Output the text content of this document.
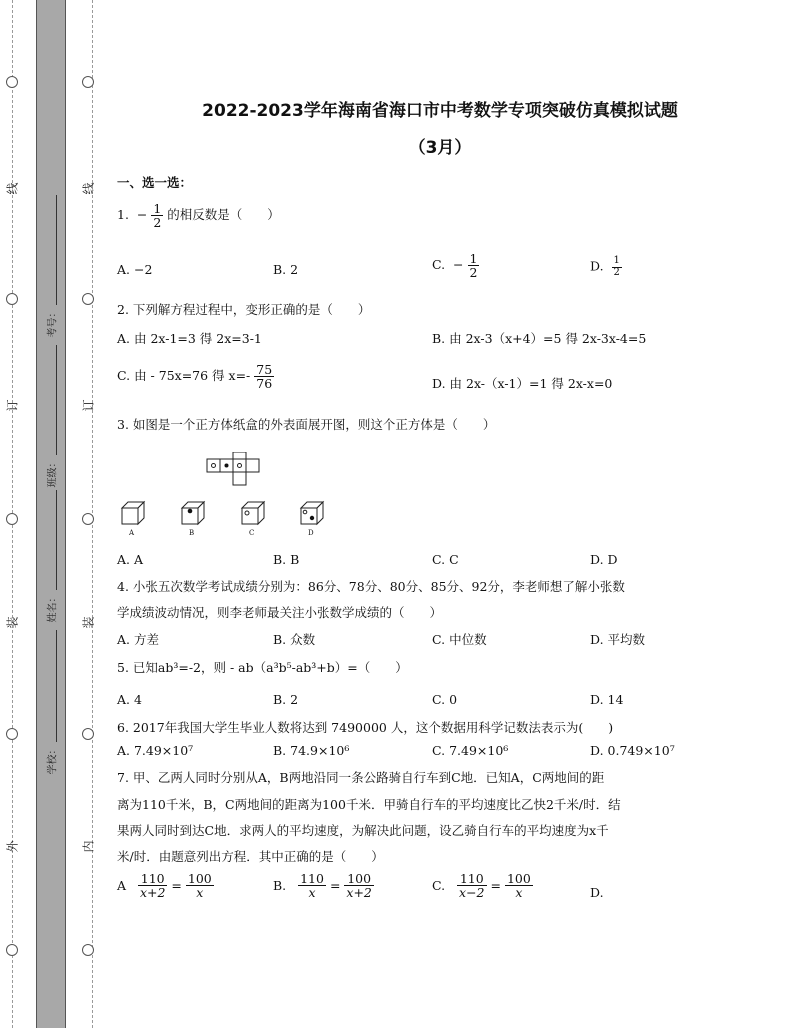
线
订
装
外
线
订
装
内
考号：
班级：
姓名：
学校：
2022-2023学年海南省海口市中考数学专项突破仿真模拟试题
（3月）
一、选一选：
1. − $\frac{1}{2}$ 的相反数是（　　）
A. −2	B. 2	C. − $\frac{1}{2}$	D. $\frac{1}{2}$
2. 下列解方程过程中，变形正确的是（　　）
A. 由 2x-1=3 得 2x=3-1	B. 由 2x-3（x+4）=5 得 2x-3x-4=5
C. 由 - 75x=76 得 $x=- \frac{75}{76}$	D. 由 2x-（x-1）=1 得 2x-x=0
3. 如图是一个正方体纸盒的外表面展开图，则这个正方体是（　　）
A	B	C	D
A. A	B. B	C. C	D. D
4. 小张五次数学考试成绩分别为：86分、78分、80分、85分、92分，李老师想了解小张数
学成绩波动情况，则李老师最关注小张数学成绩的（　　）
A. 方差	B. 众数	C. 中位数	D. 平均数
5. 已知ab³=-2，则 - ab（a³b⁵-ab³+b）=（　　）
A. 4	B. 2	C. 0	D. 14
6. 2017年我国大学生毕业人数将达到 7490000 人，这个数据用科学记数法表示为(　　)
A. 7.49×10⁷	B. 74.9×10⁶	C. 7.49×10⁶	D. 0.749×10⁷
7. 甲、乙两人同时分别从A，B两地沿同一条公路骑自行车到C地．已知A，C两地间的距
离为110千米，B，C两地间的距离为100千米．甲骑自行车的平均速度比乙快2千米/时．结
果两人同时到达C地．求两人的平均速度，为解决此问题，设乙骑自行车的平均速度为x千
米/时．由题意列出方程．其中正确的是（　　）
A $\frac{110}{x+2} = \frac{100}{x}$	B. $\frac{110}{x} = \frac{100}{x+2}$	C. $\frac{110}{x-2} = \frac{100}{x}$	D.
